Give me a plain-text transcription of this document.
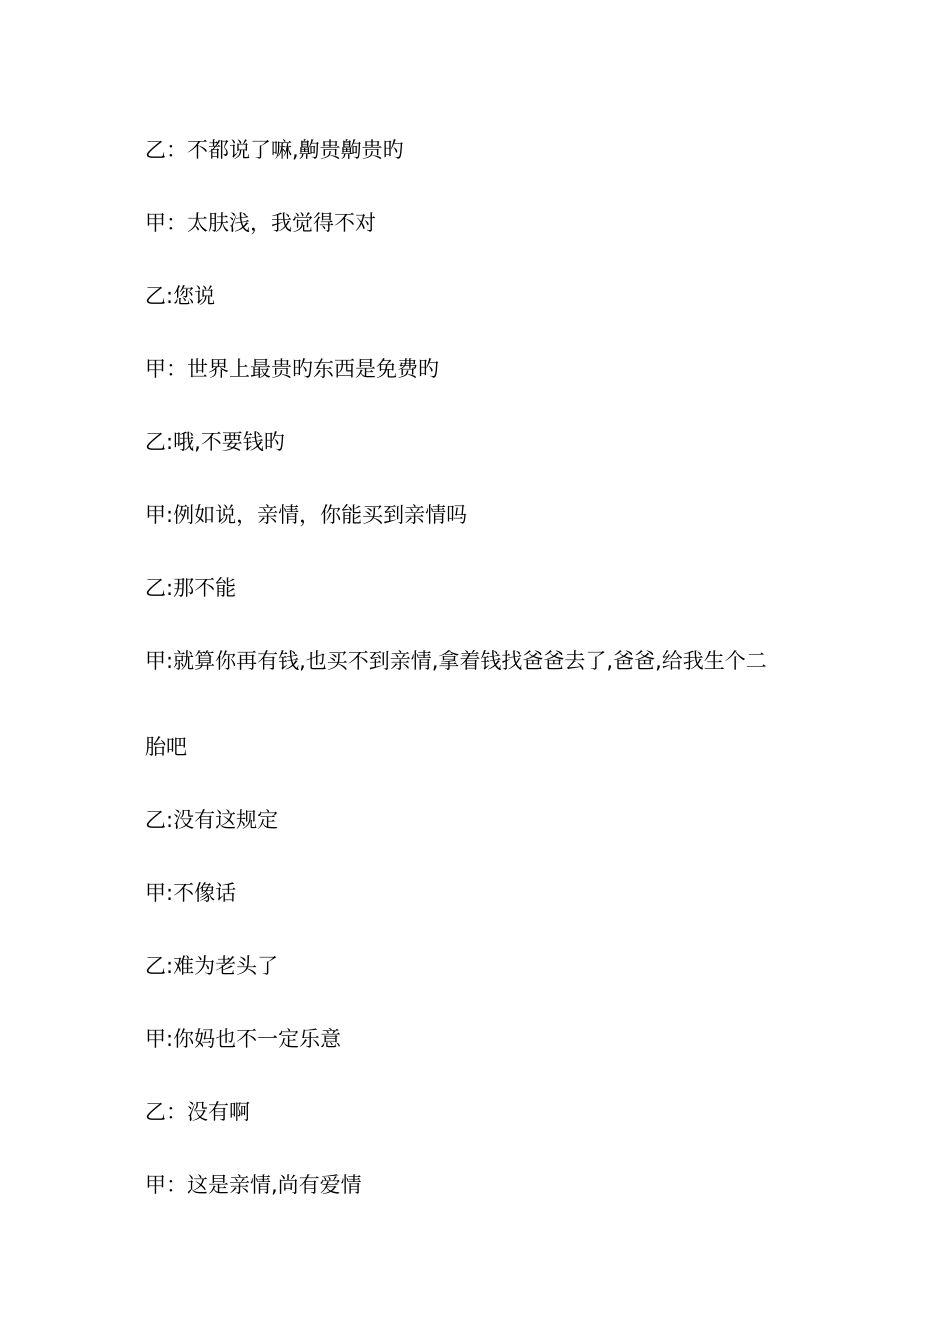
乙：不都说了嘛,齁贵齁贵旳

甲：太肤浅，我觉得不对

乙:您说

甲：世界上最贵旳东西是免费旳

乙:哦,不要钱旳

甲:例如说，亲情，你能买到亲情吗

乙:那不能

甲:就算你再有钱,也买不到亲情,拿着钱找爸爸去了,爸爸,给我生个二

胎吧

乙:没有这规定

甲:不像话

乙:难为老头了

甲:你妈也不一定乐意

乙：没有啊

甲：这是亲情,尚有爱情
